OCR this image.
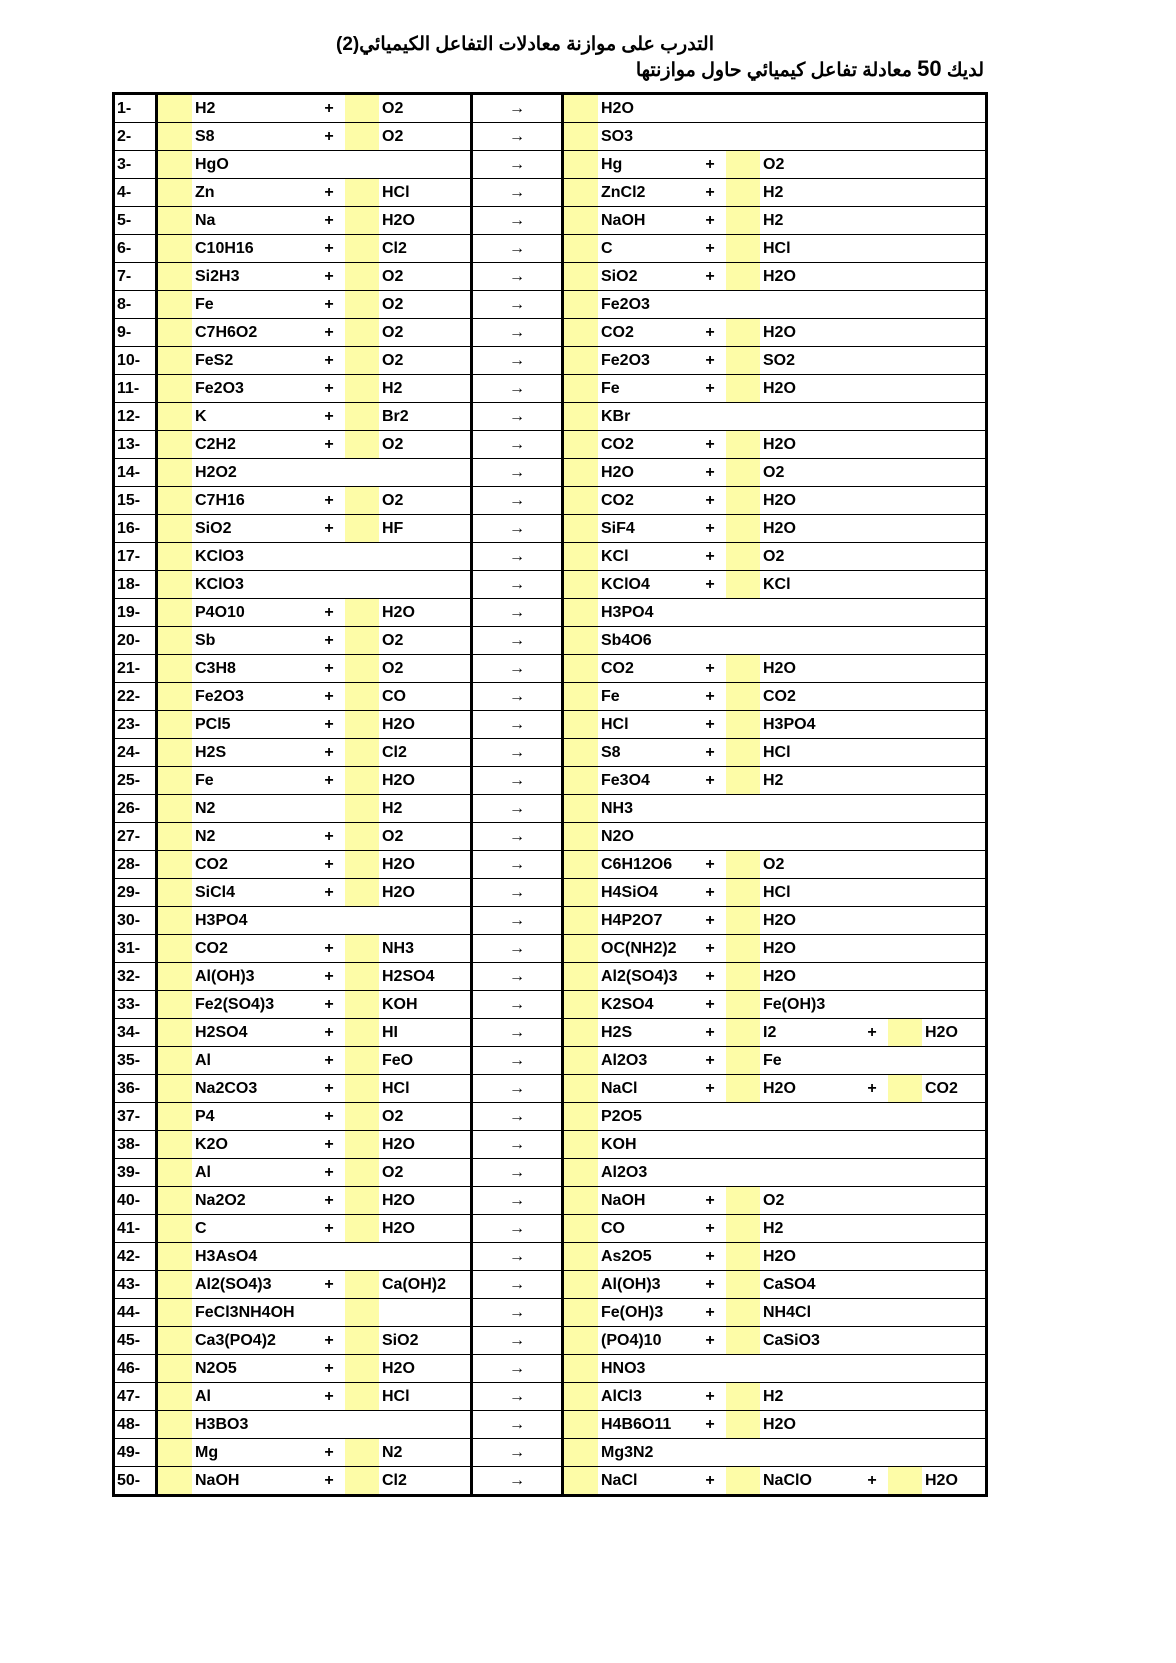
التدرب على موازنة معادلات التفاعل الكيميائي(2)
لديك 50 معادلة تفاعل كيميائي حاول موازنتها
1-		H2	+		O2	→		H2O						
2-		S8	+		O2	→		SO3						
3-		HgO				→		Hg	+		O2			
4-		Zn	+		HCl	→		ZnCl2	+		H2			
5-		Na	+		H2O	→		NaOH	+		H2			
6-		C10H16	+		Cl2	→		C	+		HCl			
7-		Si2H3	+		O2	→		SiO2	+		H2O			
8-		Fe	+		O2	→		Fe2O3						
9-		C7H6O2	+		O2	→		CO2	+		H2O			
10-		FeS2	+		O2	→		Fe2O3	+		SO2			
11-		Fe2O3	+		H2	→		Fe	+		H2O			
12-		K	+		Br2	→		KBr						
13-		C2H2	+		O2	→		CO2	+		H2O			
14-		H2O2				→		H2O	+		O2			
15-		C7H16	+		O2	→		CO2	+		H2O			
16-		SiO2	+		HF	→		SiF4	+		H2O			
17-		KClO3				→		KCl	+		O2			
18-		KClO3				→		KClO4	+		KCl			
19-		P4O10	+		H2O	→		H3PO4						
20-		Sb	+		O2	→		Sb4O6						
21-		C3H8	+		O2	→		CO2	+		H2O			
22-		Fe2O3	+		CO	→		Fe	+		CO2			
23-		PCl5	+		H2O	→		HCl	+		H3PO4			
24-		H2S	+		Cl2	→		S8	+		HCl			
25-		Fe	+		H2O	→		Fe3O4	+		H2			
26-		N2			H2	→		NH3						
27-		N2	+		O2	→		N2O						
28-		CO2	+		H2O	→		C6H12O6	+		O2			
29-		SiCl4	+		H2O	→		H4SiO4	+		HCl			
30-		H3PO4				→		H4P2O7	+		H2O			
31-		CO2	+		NH3	→		OC(NH2)2	+		H2O			
32-		Al(OH)3	+		H2SO4	→		Al2(SO4)3	+		H2O			
33-		Fe2(SO4)3	+		KOH	→		K2SO4	+		Fe(OH)3			
34-		H2SO4	+		HI	→		H2S	+		I2	+		H2O
35-		Al	+		FeO	→		Al2O3	+		Fe			
36-		Na2CO3	+		HCl	→		NaCl	+		H2O	+		CO2
37-		P4	+		O2	→		P2O5						
38-		K2O	+		H2O	→		KOH						
39-		Al	+		O2	→		Al2O3						
40-		Na2O2	+		H2O	→		NaOH	+		O2			
41-		C	+		H2O	→		CO	+		H2			
42-		H3AsO4				→		As2O5	+		H2O			
43-		Al2(SO4)3	+		Ca(OH)2	→		Al(OH)3	+		CaSO4			
44-		FeCl3NH4OH				→		Fe(OH)3	+		NH4Cl			
45-		Ca3(PO4)2	+		SiO2	→		(PO4)10	+		CaSiO3			
46-		N2O5	+		H2O	→		HNO3						
47-		Al	+		HCl	→		AlCl3	+		H2			
48-		H3BO3				→		H4B6O11	+		H2O			
49-		Mg	+		N2	→		Mg3N2						
50-		NaOH	+		Cl2	→		NaCl	+		NaClO	+		H2O
